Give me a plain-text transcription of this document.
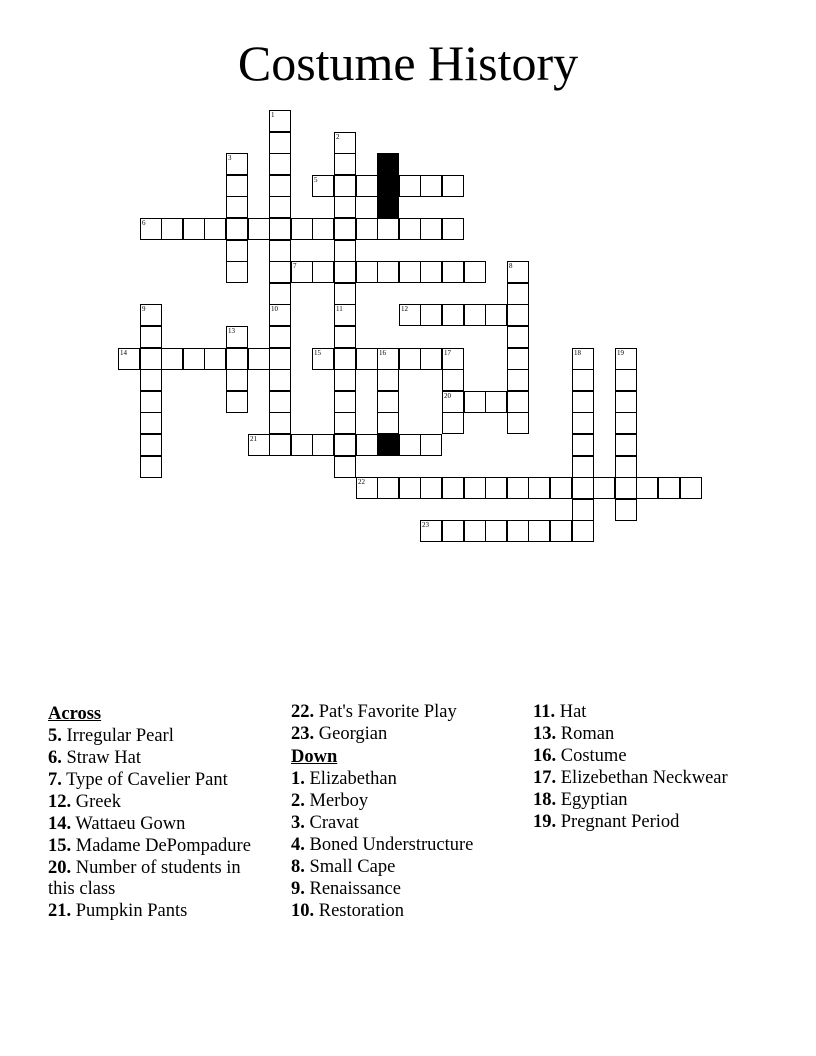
Costume History
4
1
10
2
11
3
5
6
7	8
9	12
13
14	15	16	17
20
18	19
21
22
23
Across
5. Irregular Pearl
6. Straw Hat
7. Type of Cavelier Pant
12. Greek
14. Wattaeu Gown
15. Madame DePompadure
20. Number of students in this class
21. Pumpkin Pants
22. Pat's Favorite Play
23. Georgian
Down
1. Elizabethan
2. Merboy
3. Cravat
4. Boned Understructure
8. Small Cape
9. Renaissance
10. Restoration
11. Hat
13. Roman
16. Costume
17. Elizebethan Neckwear
18. Egyptian
19. Pregnant Period
